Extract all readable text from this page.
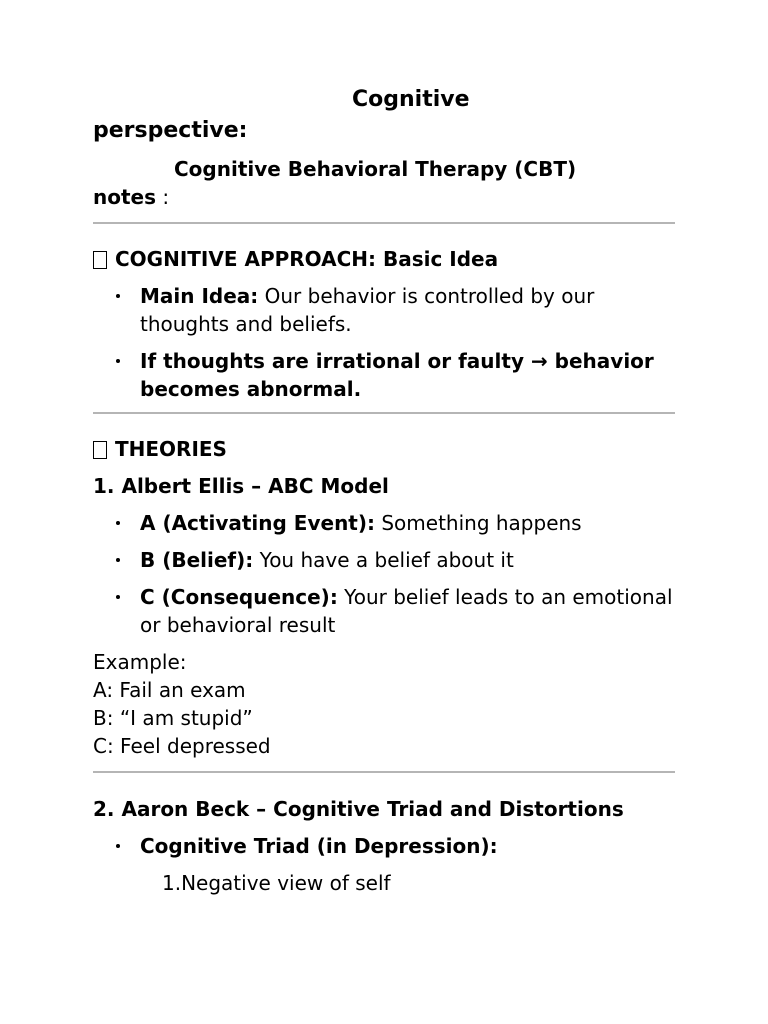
Cognitive
perspective:
Cognitive Behavioral Therapy (CBT)
notes :
COGNITIVE APPROACH: Basic Idea
Main Idea: Our behavior is controlled by our thoughts and beliefs.
If thoughts are irrational or faulty → behavior becomes abnormal.
THEORIES
1. Albert Ellis – ABC Model
A (Activating Event): Something happens
B (Belief): You have a belief about it
C (Consequence): Your belief leads to an emotional or behavioral result
Example:
A: Fail an exam
B: “I am stupid”
C: Feel depressed
2. Aaron Beck – Cognitive Triad and Distortions
Cognitive Triad (in Depression):
1.Negative view of self
